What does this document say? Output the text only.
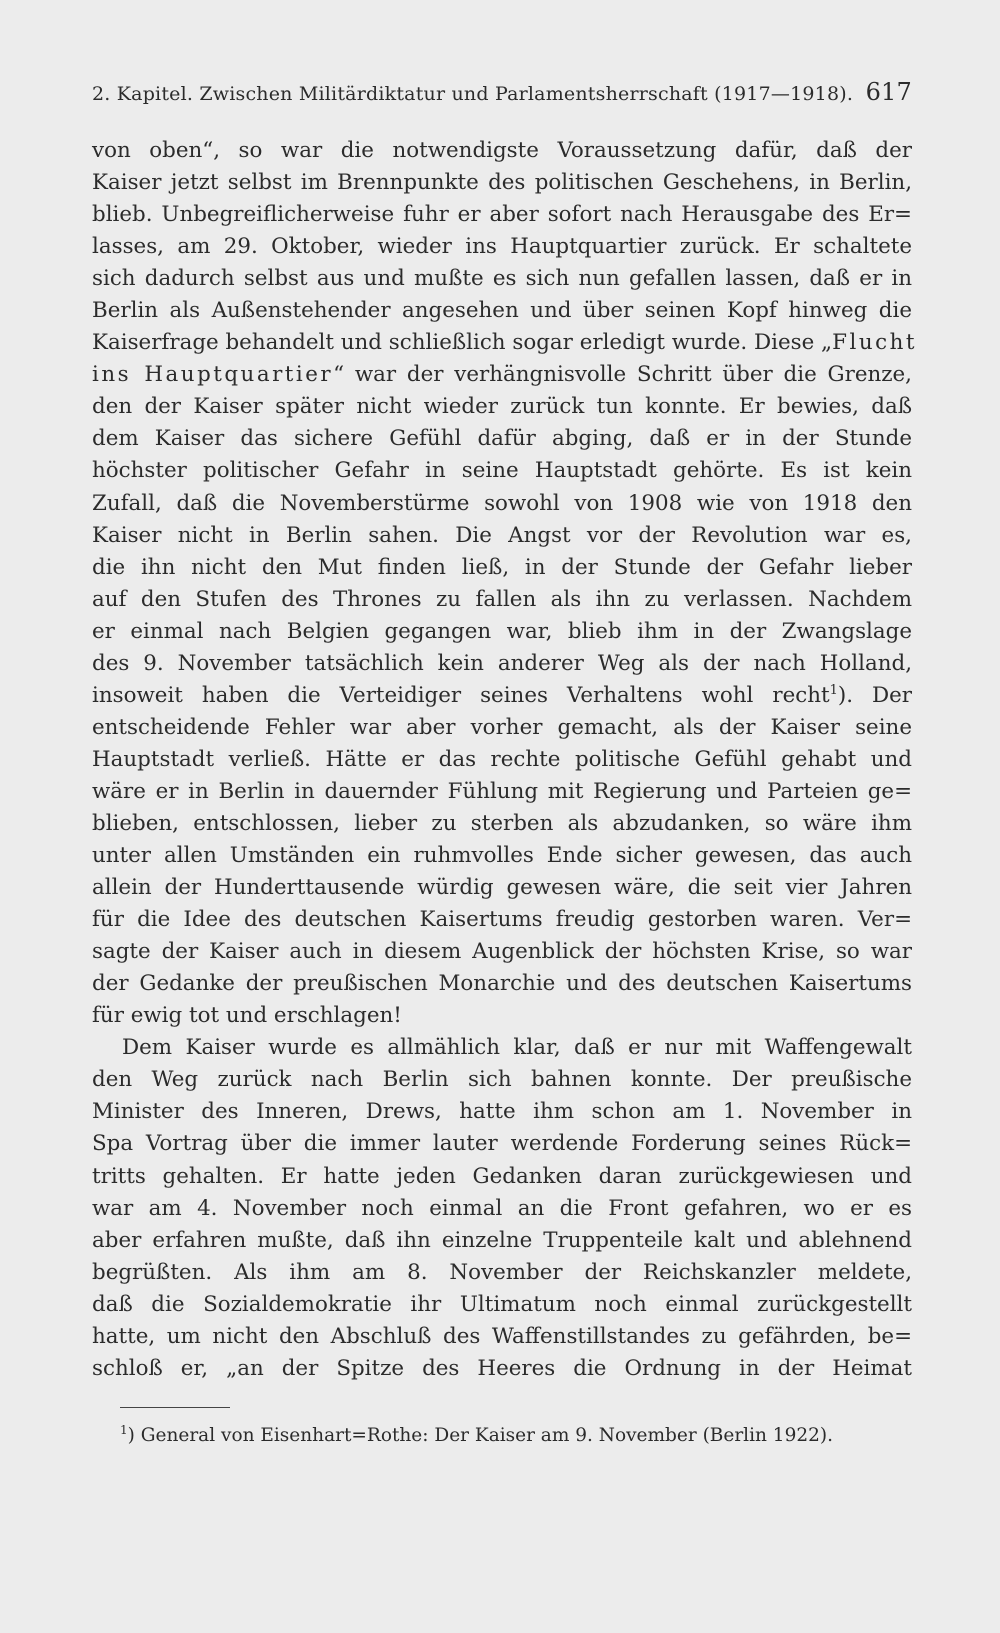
2. Kapitel. Zwischen Militärdiktatur und Parlamentsherrschaft (1917—1918). 617
von oben“, so war die notwendigste Voraussetzung dafür, daß der
Kaiser jetzt selbst im Brennpunkte des politischen Geschehens, in Berlin,
blieb. Unbegreiflicherweise fuhr er aber sofort nach Herausgabe des Er=
lasses, am 29. Oktober, wieder ins Hauptquartier zurück. Er schaltete
sich dadurch selbst aus und mußte es sich nun gefallen lassen, daß er in
Berlin als Außenstehender angesehen und über seinen Kopf hinweg die
Kaiserfrage behandelt und schließlich sogar erledigt wurde. Diese „Flucht
ins Hauptquartier“ war der verhängnisvolle Schritt über die Grenze,
den der Kaiser später nicht wieder zurück tun konnte. Er bewies, daß
dem Kaiser das sichere Gefühl dafür abging, daß er in der Stunde
höchster politischer Gefahr in seine Hauptstadt gehörte. Es ist kein
Zufall, daß die Novemberstürme sowohl von 1908 wie von 1918 den
Kaiser nicht in Berlin sahen. Die Angst vor der Revolution war es,
die ihn nicht den Mut finden ließ, in der Stunde der Gefahr lieber
auf den Stufen des Thrones zu fallen als ihn zu verlassen. Nachdem
er einmal nach Belgien gegangen war, blieb ihm in der Zwangslage
des 9. November tatsächlich kein anderer Weg als der nach Holland,
insoweit haben die Verteidiger seines Verhaltens wohl recht$^1$). Der
entscheidende Fehler war aber vorher gemacht, als der Kaiser seine
Hauptstadt verließ. Hätte er das rechte politische Gefühl gehabt und
wäre er in Berlin in dauernder Fühlung mit Regierung und Parteien ge=
blieben, entschlossen, lieber zu sterben als abzudanken, so wäre ihm
unter allen Umständen ein ruhmvolles Ende sicher gewesen, das auch
allein der Hunderttausende würdig gewesen wäre, die seit vier Jahren
für die Idee des deutschen Kaisertums freudig gestorben waren. Ver=
sagte der Kaiser auch in diesem Augenblick der höchsten Krise, so war
der Gedanke der preußischen Monarchie und des deutschen Kaisertums
für ewig tot und erschlagen!
Dem Kaiser wurde es allmählich klar, daß er nur mit Waffengewalt
den Weg zurück nach Berlin sich bahnen konnte. Der preußische
Minister des Inneren, Drews, hatte ihm schon am 1. November in
Spa Vortrag über die immer lauter werdende Forderung seines Rück=
tritts gehalten. Er hatte jeden Gedanken daran zurückgewiesen und
war am 4. November noch einmal an die Front gefahren, wo er es
aber erfahren mußte, daß ihn einzelne Truppenteile kalt und ablehnend
begrüßten. Als ihm am 8. November der Reichskanzler meldete,
daß die Sozialdemokratie ihr Ultimatum noch einmal zurückgestellt
hatte, um nicht den Abschluß des Waffenstillstandes zu gefährden, be=
schloß er, „an der Spitze des Heeres die Ordnung in der Heimat
$^1$) General von Eisenhart=Rothe: Der Kaiser am 9. November (Berlin 1922).
